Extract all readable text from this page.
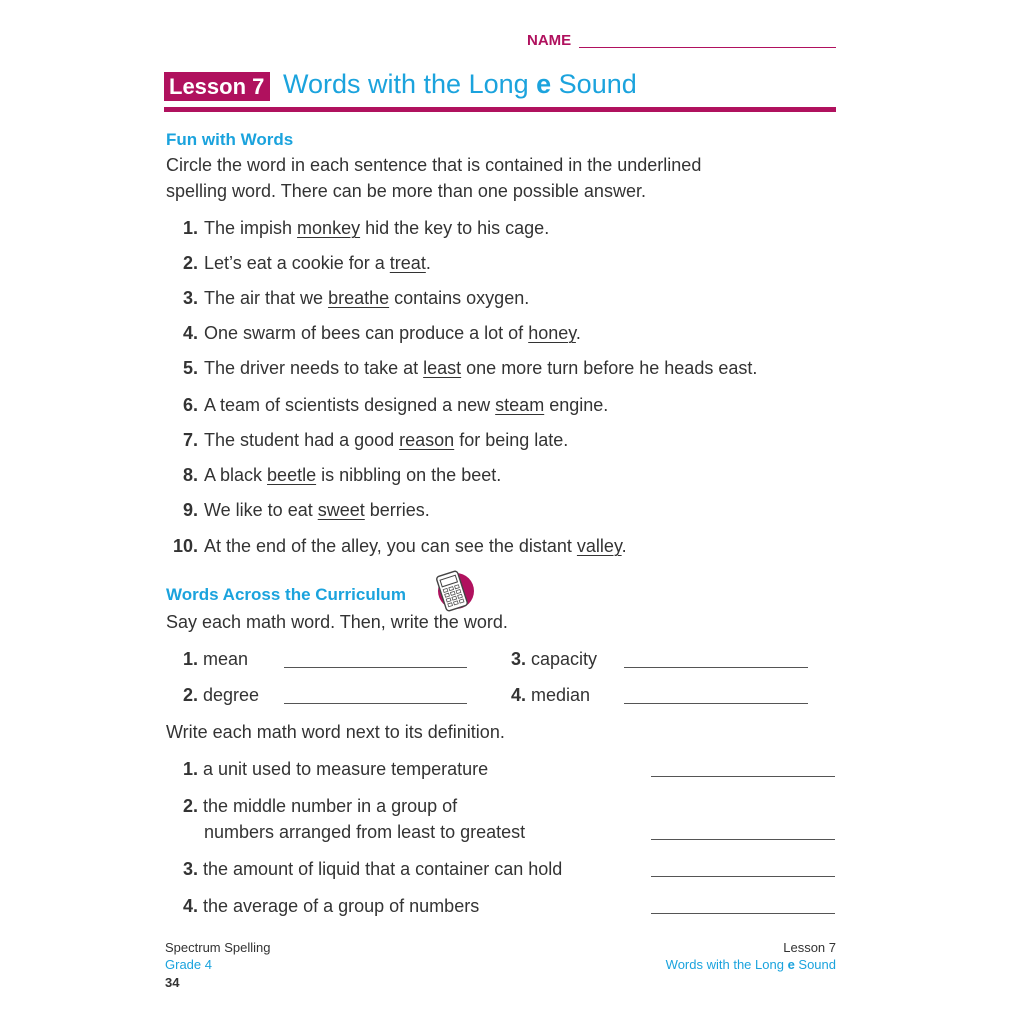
NAME
Lesson 7 Words with the Long e Sound
Fun with Words
Circle the word in each sentence that is contained in the underlined
spelling word. There can be more than one possible answer.
1. The impish monkey hid the key to his cage.
2. Let’s eat a cookie for a treat.
3. The air that we breathe contains oxygen.
4. One swarm of bees can produce a lot of honey.
5. The driver needs to take at least one more turn before he heads east.
6. A team of scientists designed a new steam engine.
7. The student had a good reason for being late.
8. A black beetle is nibbling on the beet.
9. We like to eat sweet berries.
10. At the end of the alley, you can see the distant valley.
Words Across the Curriculum
Say each math word. Then, write the word.
1. mean
2. degree
3. capacity
4. median
Write each math word next to its definition.
1. a unit used to measure temperature
2. the middle number in a group of
numbers arranged from least to greatest
3. the amount of liquid that a container can hold
4. the average of a group of numbers
Spectrum Spelling
Grade 4
34
Lesson 7
Words with the Long e Sound
